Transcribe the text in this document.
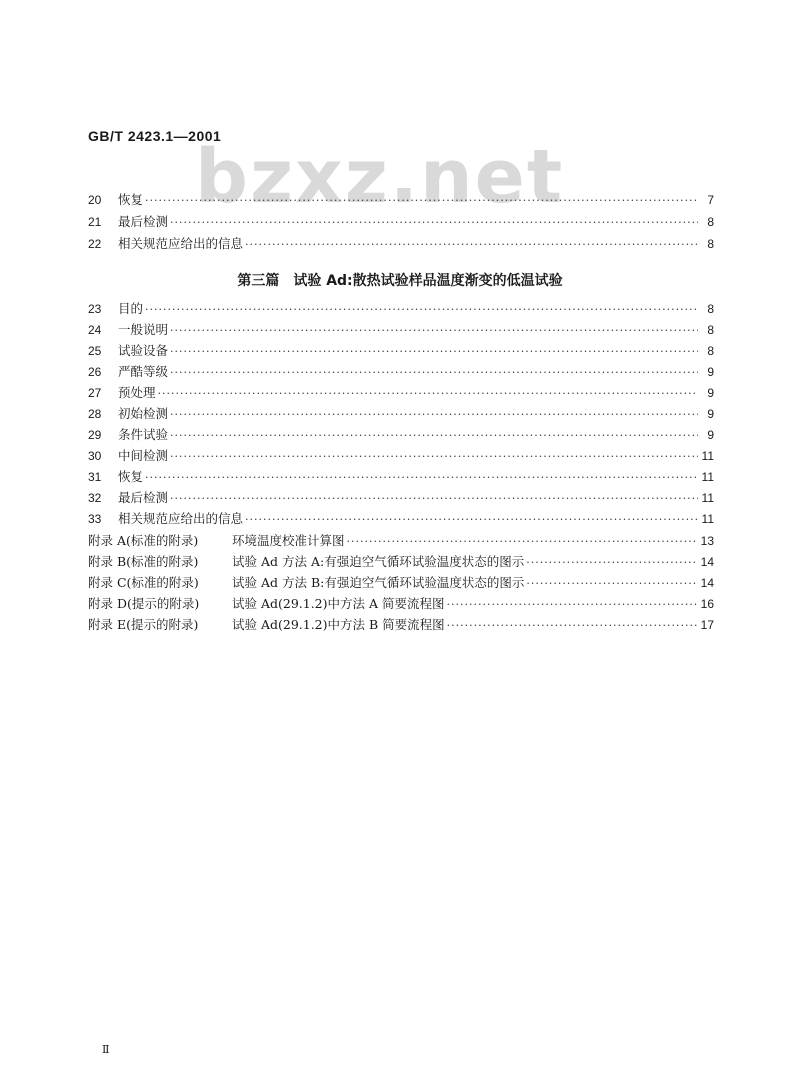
GB/T 2423.1—2001
bzxz.net
20	恢复 ·····	7
21	最后检测 ·····	8
22	相关规范应给出的信息 ·····	8
第三篇　试验 Ad:散热试验样品温度渐变的低温试验
23	目的 ·····	8
24	一般说明 ·····	8
25	试验设备 ·····	8
26	严酷等级 ·····	9
27	预处理 ·····	9
28	初始检测 ·····	9
29	条件试验 ·····	9
30	中间检测 ·····	11
31	恢复 ·····	11
32	最后检测 ·····	11
33	相关规范应给出的信息 ·····	11
附录 A(标准的附录)	环境温度校准计算图 ·····	13
附录 B(标准的附录)	试验 Ad 方法 A:有强迫空气循环试验温度状态的图示 ·····	14
附录 C(标准的附录)	试验 Ad 方法 B:有强迫空气循环试验温度状态的图示 ·····	14
附录 D(提示的附录)	试验 Ad(29.1.2)中方法 A 简要流程图 ·····	16
附录 E(提示的附录)	试验 Ad(29.1.2)中方法 B 简要流程图 ·····	17
Ⅱ
